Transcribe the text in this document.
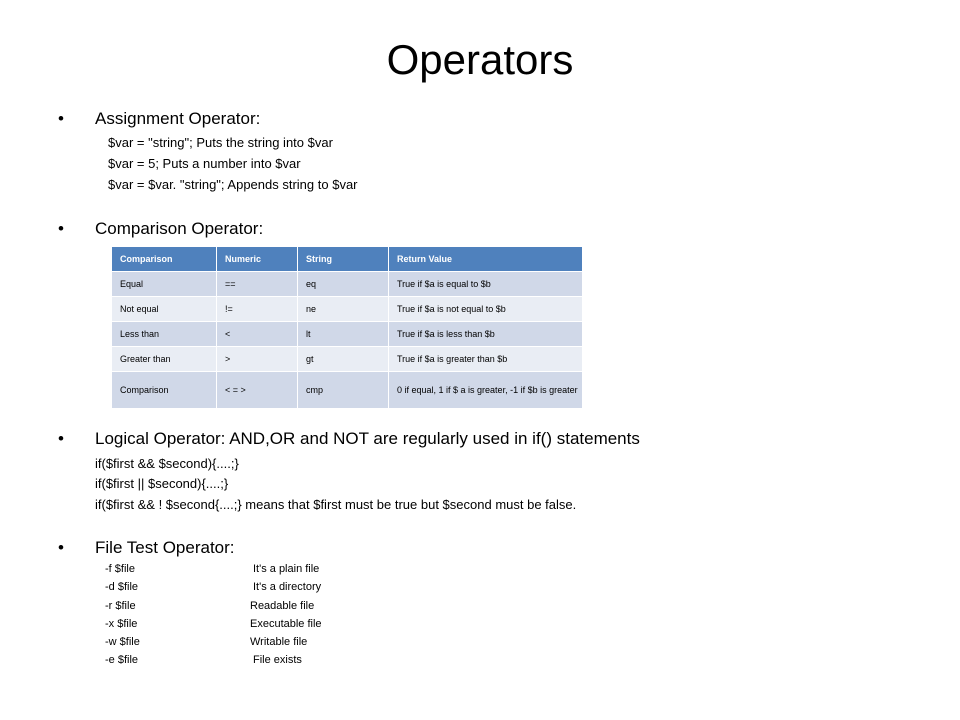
Operators
• Assignment Operator:
$var = "string"; Puts the string into $var
$var = 5; Puts a number into $var
$var = $var. "string"; Appends string to $var
• Comparison Operator:
Comparison	Numeric	String	Return Value
Equal	==	eq	True if $a is equal to $b
Not equal	!=	ne	True if $a is not equal to $b
Less than	<	lt	True if $a is less than $b
Greater than	>	gt	True if $a is greater than $b
Comparison	< = >	cmp	0 if equal, 1 if $ a is greater, -1 if $b is greater
• Logical Operator: AND,OR and NOT are regularly used in if() statements
if($first && $second){....;}
if($first || $second){....;}
if($first && ! $second{....;} means that $first must be true but $second must be false.
• File Test Operator:
-f $file	It's a plain file
-d $file	It's a directory
-r $file	Readable file
-x $file	Executable file
-w $file	Writable file
-e $file	File exists
